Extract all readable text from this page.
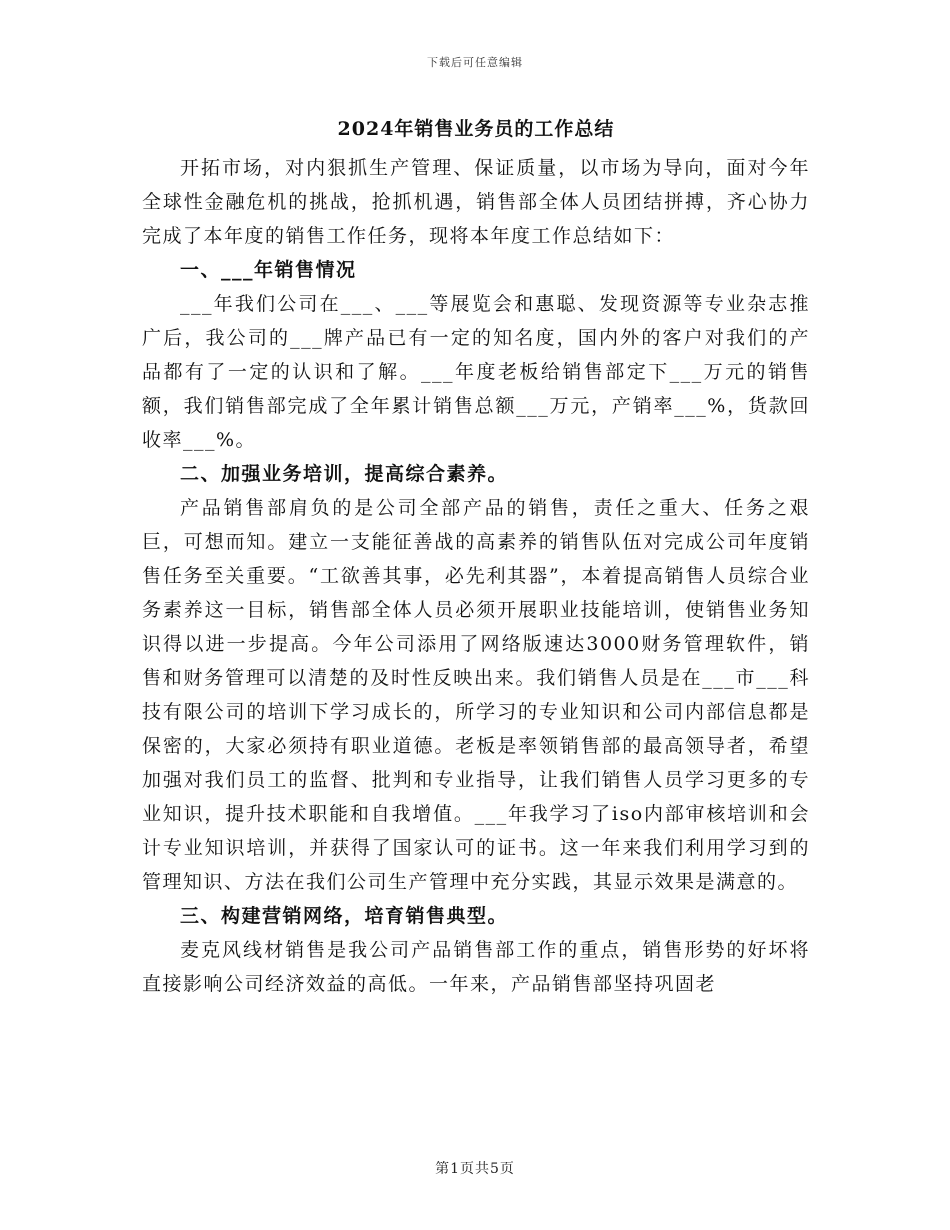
下载后可任意编辑
2024年销售业务员的工作总结

开拓市场，对内狠抓生产管理、保证质量，以市场为导向，面对今年全球性金融危机的挑战，抢抓机遇，销售部全体人员团结拼搏，齐心协力完成了本年度的销售工作任务，现将本年度工作总结如下：

一、___年销售情况

___年我们公司在___、___等展览会和惠聪、发现资源等专业杂志推广后，我公司的___牌产品已有一定的知名度，国内外的客户对我们的产品都有了一定的认识和了解。___年度老板给销售部定下___万元的销售额，我们销售部完成了全年累计销售总额___万元，产销率___%，货款回收率___%。

二、加强业务培训，提高综合素养。

产品销售部肩负的是公司全部产品的销售，责任之重大、任务之艰巨，可想而知。建立一支能征善战的高素养的销售队伍对完成公司年度销售任务至关重要。“工欲善其事，必先利其器”，本着提高销售人员综合业务素养这一目标，销售部全体人员必须开展职业技能培训，使销售业务知识得以进一步提高。今年公司添用了网络版速达3000财务管理软件，销售和财务管理可以清楚的及时性反映出来。我们销售人员是在___市___科技有限公司的培训下学习成长的，所学习的专业知识和公司内部信息都是保密的，大家必须持有职业道德。老板是率领销售部的最高领导者，希望加强对我们员工的监督、批判和专业指导，让我们销售人员学习更多的专业知识，提升技术职能和自我增值。___年我学习了iso内部审核培训和会计专业知识培训，并获得了国家认可的证书。这一年来我们利用学习到的管理知识、方法在我们公司生产管理中充分实践，其显示效果是满意的。

三、构建营销网络，培育销售典型。

麦克风线材销售是我公司产品销售部工作的重点，销售形势的好坏将直接影响公司经济效益的高低。一年来，产品销售部坚持巩固老

第1页共5页
